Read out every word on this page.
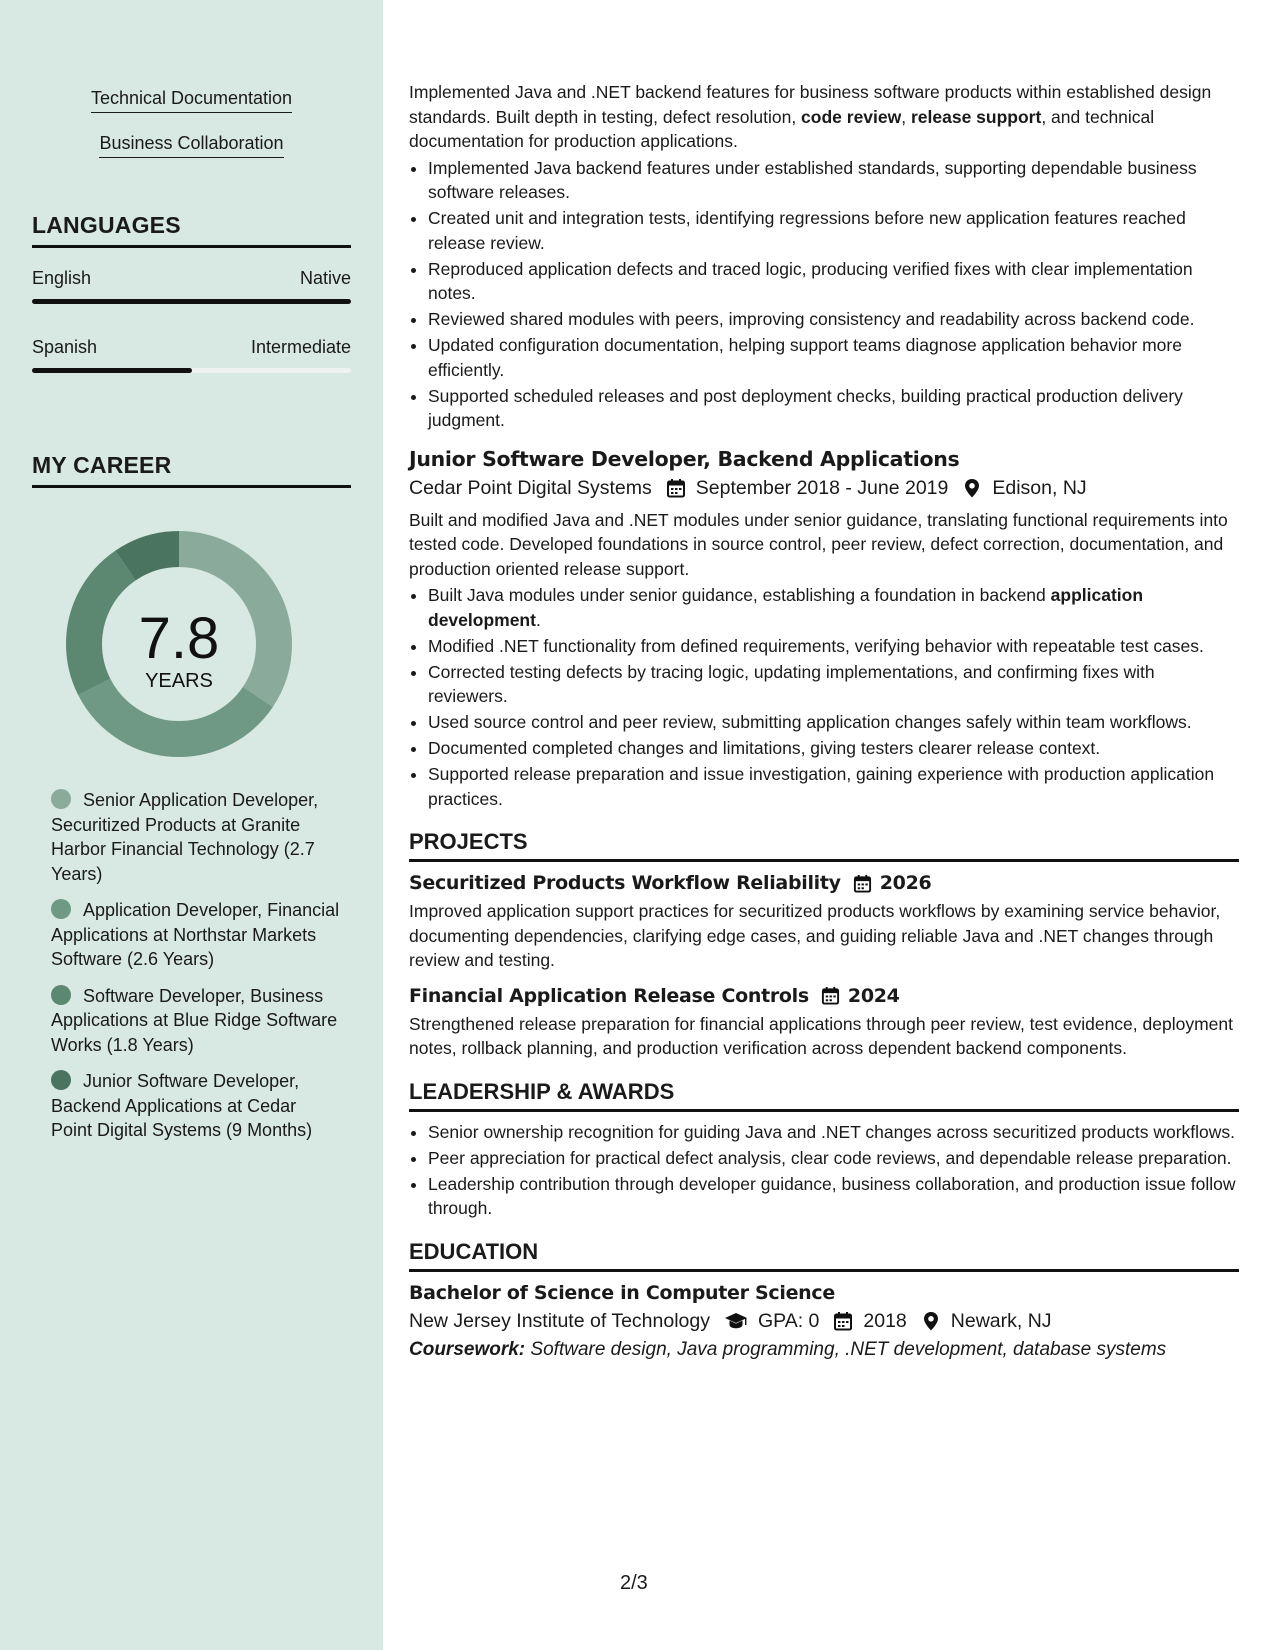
Technical Documentation
Business Collaboration
LANGUAGES
English	Native
Spanish	Intermediate
MY CAREER
7.8
YEARS
Senior Application Developer, Securitized Products at Granite Harbor Financial Technology (2.7 Years)
Application Developer, Financial Applications at Northstar Markets Software (2.6 Years)
Software Developer, Business Applications at Blue Ridge Software Works (1.8 Years)
Junior Software Developer, Backend Applications at Cedar Point Digital Systems (9 Months)

Implemented Java and .NET backend features for business software products within established design standards. Built depth in testing, defect resolution, code review, release support, and technical documentation for production applications.

• Implemented Java backend features under established standards, supporting dependable business software releases.
• Created unit and integration tests, identifying regressions before new application features reached release review.
• Reproduced application defects and traced logic, producing verified fixes with clear implementation notes.
• Reviewed shared modules with peers, improving consistency and readability across backend code.
• Updated configuration documentation, helping support teams diagnose application behavior more efficiently.
• Supported scheduled releases and post deployment checks, building practical production delivery judgment.
Junior Software Developer, Backend Applications
Cedar Point Digital Systems September 2018 - June 2019 Edison, NJ

Built and modified Java and .NET modules under senior guidance, translating functional requirements into tested code. Developed foundations in source control, peer review, defect correction, documentation, and production oriented release support.

• Built Java modules under senior guidance, establishing a foundation in backend application development.
• Modified .NET functionality from defined requirements, verifying behavior with repeatable test cases.
• Corrected testing defects by tracing logic, updating implementations, and confirming fixes with reviewers.
• Used source control and peer review, submitting application changes safely within team workflows.
• Documented completed changes and limitations, giving testers clearer release context.
• Supported release preparation and issue investigation, gaining experience with production application practices.
PROJECTS
Securitized Products Workflow Reliability 2026

Improved application support practices for securitized products workflows by examining service behavior, documenting dependencies, clarifying edge cases, and guiding reliable Java and .NET changes through review and testing.

Financial Application Release Controls 2024

Strengthened release preparation for financial applications through peer review, test evidence, deployment notes, rollback planning, and production verification across dependent backend components.

LEADERSHIP & AWARDS
• Senior ownership recognition for guiding Java and .NET changes across securitized products workflows.
• Peer appreciation for practical defect analysis, clear code reviews, and dependable release preparation.
• Leadership contribution through developer guidance, business collaboration, and production issue follow through.
EDUCATION
Bachelor of Science in Computer Science
New Jersey Institute of Technology GPA: 0 2018 Newark, NJ
Coursework: Software design, Java programming, .NET development, database systems
2/3
